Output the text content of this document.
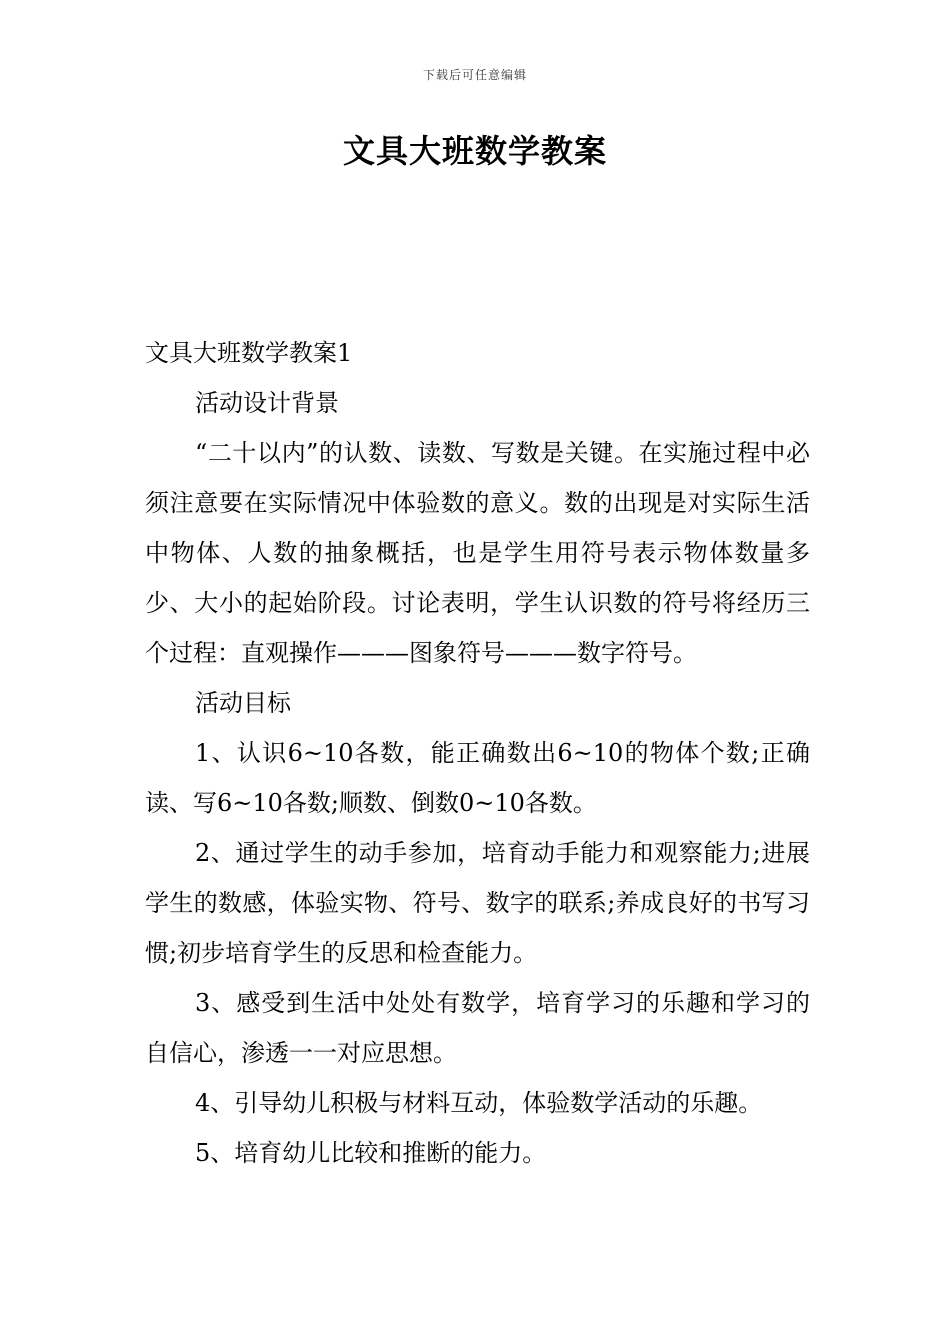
下载后可任意编辑
文具大班数学教案

文具大班数学教案1

活动设计背景

“二十以内”的认数、读数、写数是关键。在实施过程中必须注意要在实际情况中体验数的意义。数的出现是对实际生活中物体、人数的抽象概括，也是学生用符号表示物体数量多少、大小的起始阶段。讨论表明，学生认识数的符号将经历三个过程：直观操作———图象符号———数字符号。

活动目标

1、认识6~10各数，能正确数出6~10的物体个数;正确读、写6~10各数;顺数、倒数0~10各数。

2、通过学生的动手参加，培育动手能力和观察能力;进展学生的数感，体验实物、符号、数字的联系;养成良好的书写习惯;初步培育学生的反思和检查能力。

3、感受到生活中处处有数学，培育学习的乐趣和学习的自信心，渗透一一对应思想。

4、引导幼儿积极与材料互动，体验数学活动的乐趣。

5、培育幼儿比较和推断的能力。
